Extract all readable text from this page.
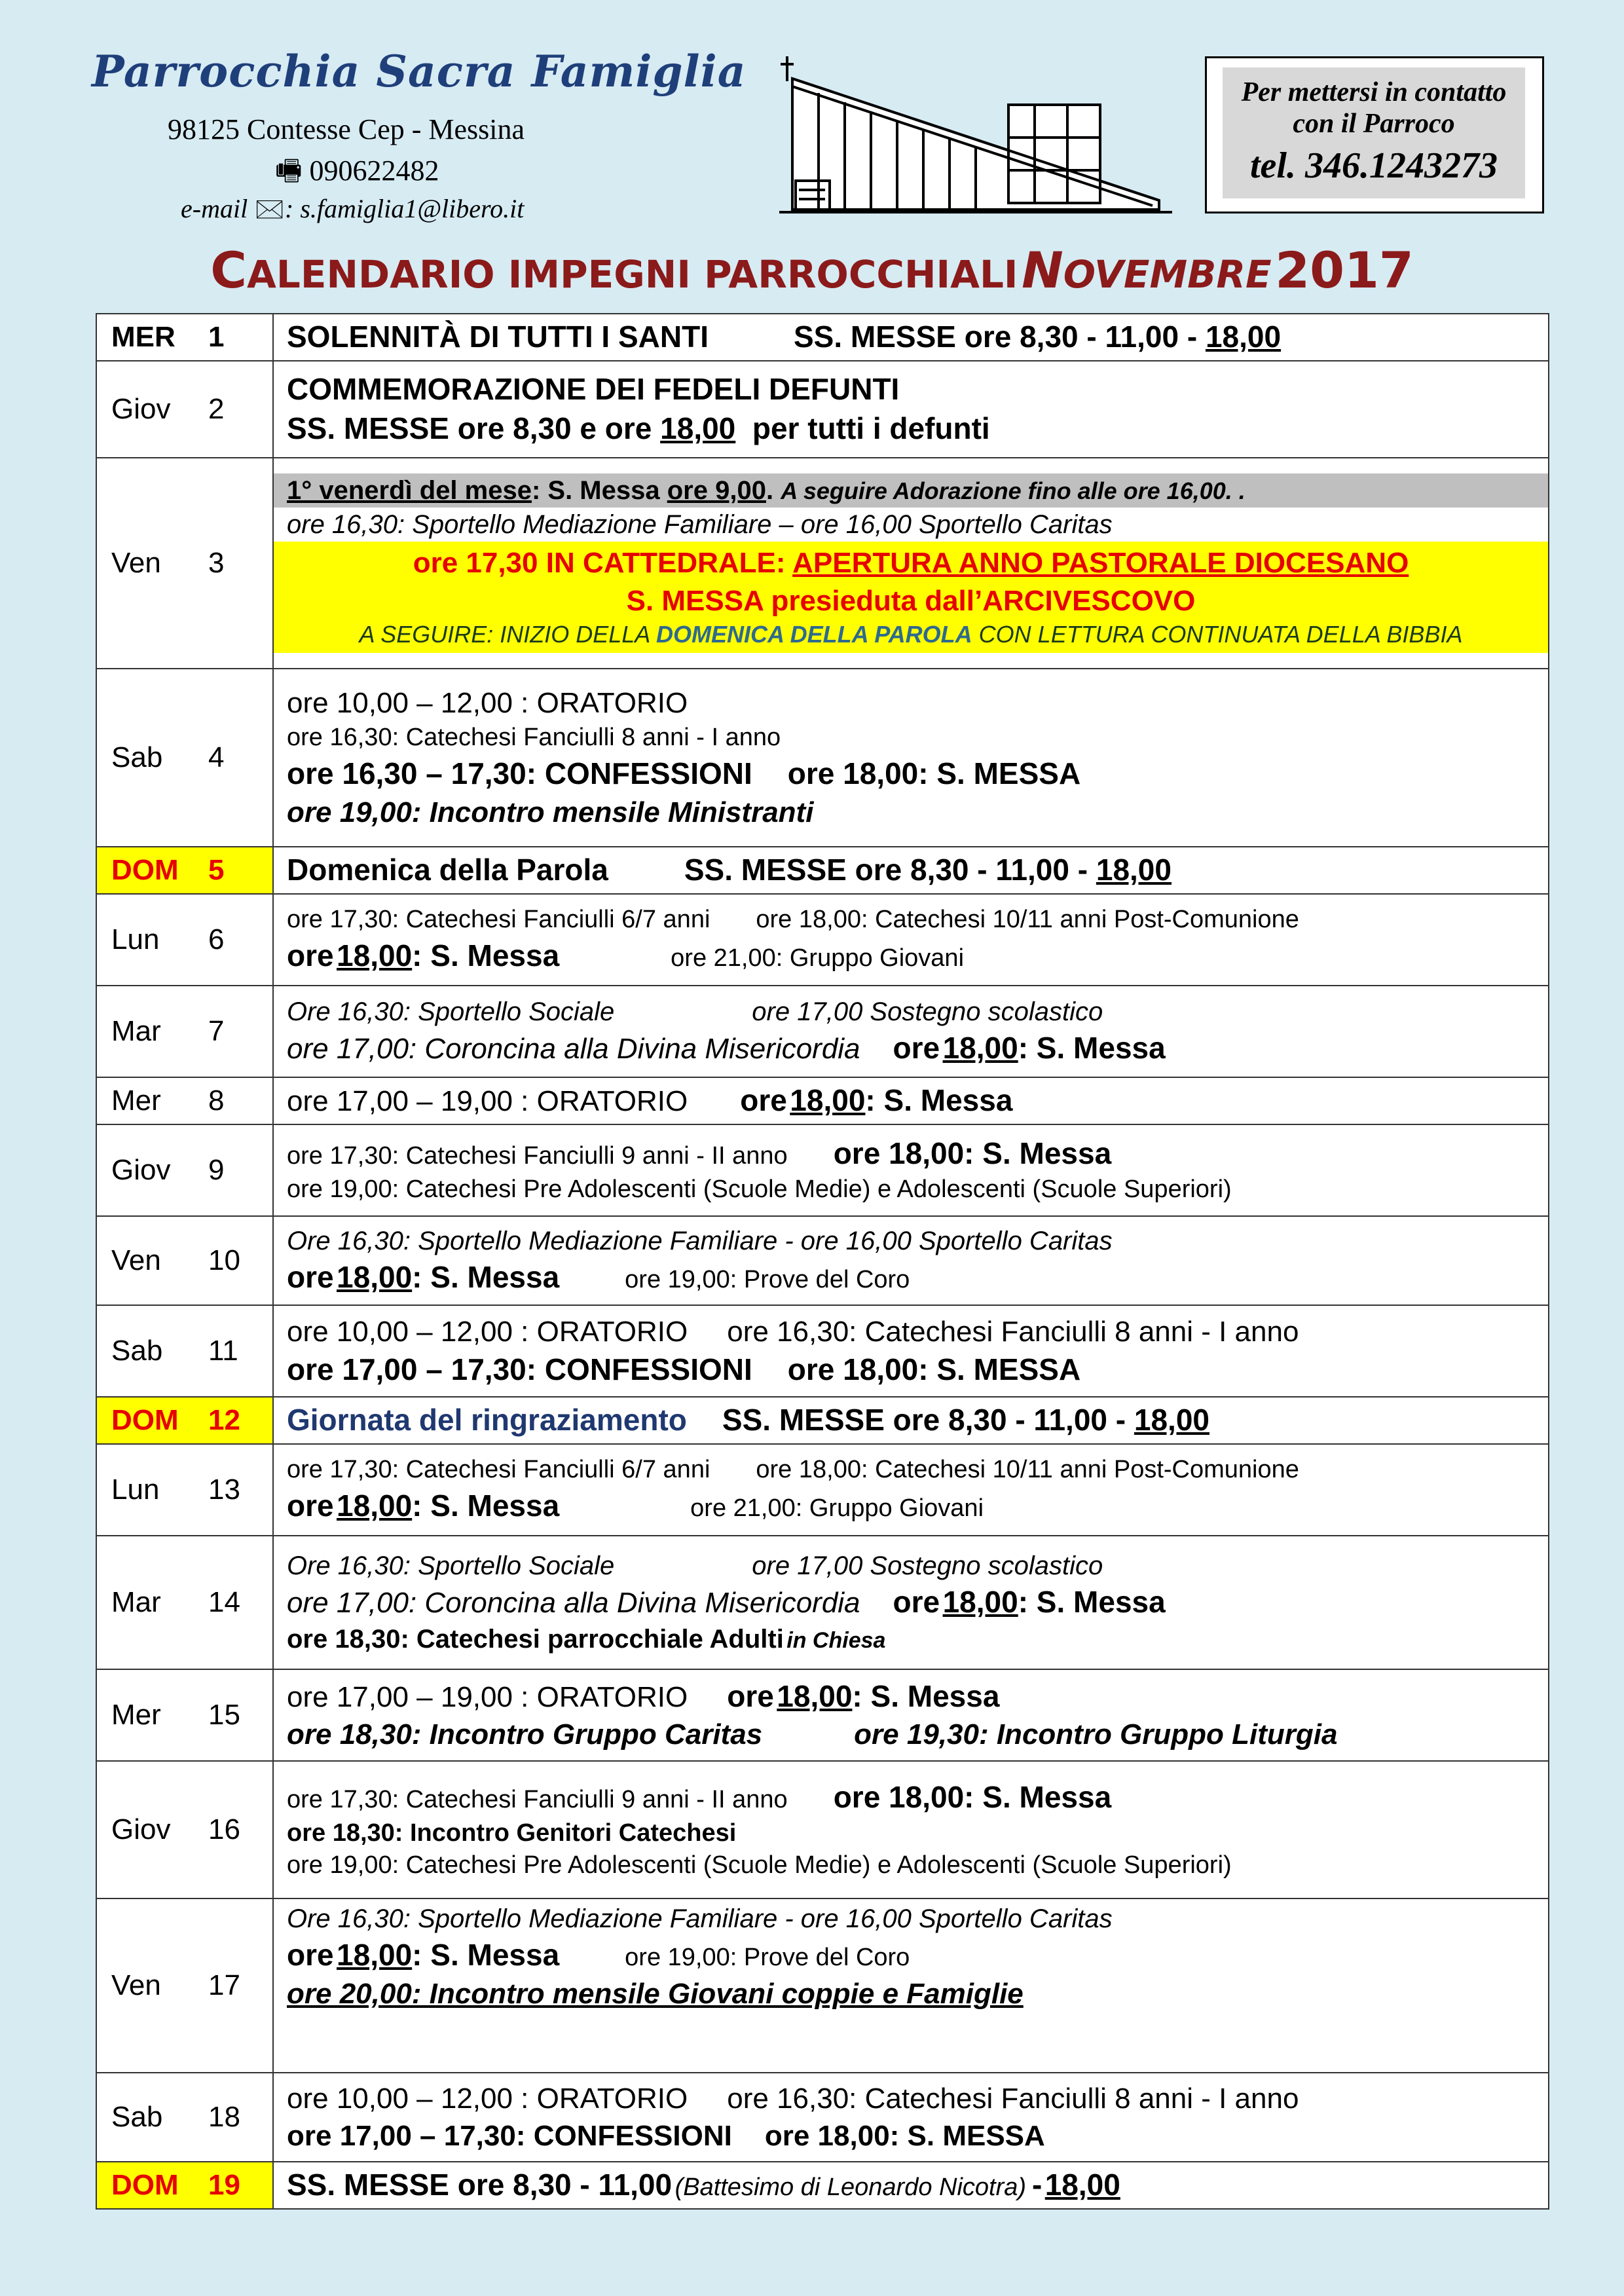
Parrocchia Sacra Famiglia
98125 Contesse Cep - Messina
🖷 090622482
e-mail 🖂: s.famiglia1@libero.it
Per mettersi in contatto
con il Parroco
tel. 346.1243273
CALENDARIO IMPEGNI PARROCCHIALI NOVEMBRE 2017
MER 1	SOLENNITÀ DI TUTTI I SANTI SS. MESSE ore 8,30 - 11,00 - 18,00

Giov 2	COMMEMORAZIONE DEI FEDELI DEFUNTI
SS. MESSE ore 8,30 e ore 18,00 per tutti i defunti

Ven 3	1° venerdì del mese: S. Messa ore 9,00. A seguire Adorazione fino alle ore 16,00. .
ore 16,30: Sportello Mediazione Familiare – ore 16,00 Sportello Caritas
ore 17,30 IN CATTEDRALE: APERTURA ANNO PASTORALE DIOCESANO
S. MESSA presieduta dall’ARCIVESCOVO
A SEGUIRE: INIZIO DELLA DOMENICA DELLA PAROLA CON LETTURA CONTINUATA DELLA BIBBIA

Sab 4	ore 10,00 – 12,00 : ORATORIO
ore 16,30: Catechesi Fanciulli 8 anni - I anno
ore 16,30 – 17,30: CONFESSIONI ore 18,00: S. MESSA
ore 19,00: Incontro mensile Ministranti

DOM 5	Domenica della Parola SS. MESSE ore 8,30 - 11,00 - 18,00

Lun 6	ore 17,30: Catechesi Fanciulli 6/7 anni ore 18,00: Catechesi 10/11 anni Post-Comunione
ore 18,00: S. Messa ore 21,00: Gruppo Giovani

Mar 7	Ore 16,30: Sportello Sociale ore 17,00 Sostegno scolastico
ore 17,00: Coroncina alla Divina Misericordia ore 18,00: S. Messa

Mer 8	ore 17,00 – 19,00 : ORATORIO ore 18,00: S. Messa

Giov 9	ore 17,30: Catechesi Fanciulli 9 anni - II anno ore 18,00: S. Messa
ore 19,00: Catechesi Pre Adolescenti (Scuole Medie) e Adolescenti (Scuole Superiori)

Ven 10	Ore 16,30: Sportello Mediazione Familiare - ore 16,00 Sportello Caritas
ore 18,00: S. Messa ore 19,00: Prove del Coro

Sab 11	ore 10,00 – 12,00 : ORATORIO ore 16,30: Catechesi Fanciulli 8 anni - I anno
ore 17,00 – 17,30: CONFESSIONI ore 18,00: S. MESSA

DOM 12	Giornata del ringraziamento SS. MESSE ore 8,30 - 11,00 - 18,00

Lun 13	ore 17,30: Catechesi Fanciulli 6/7 anni ore 18,00: Catechesi 10/11 anni Post-Comunione
ore 18,00: S. Messa ore 21,00: Gruppo Giovani

Mar 14	Ore 16,30: Sportello Sociale ore 17,00 Sostegno scolastico
ore 17,00: Coroncina alla Divina Misericordia ore 18,00: S. Messa
ore 18,30: Catechesi parrocchiale Adulti in Chiesa

Mer 15	ore 17,00 – 19,00 : ORATORIO ore 18,00: S. Messa
ore 18,30: Incontro Gruppo Caritas ore 19,30: Incontro Gruppo Liturgia

Giov 16	ore 17,30: Catechesi Fanciulli 9 anni - II anno ore 18,00: S. Messa
ore 18,30: Incontro Genitori Catechesi
ore 19,00: Catechesi Pre Adolescenti (Scuole Medie) e Adolescenti (Scuole Superiori)

Ven 17	Ore 16,30: Sportello Mediazione Familiare - ore 16,00 Sportello Caritas
ore 18,00: S. Messa ore 19,00: Prove del Coro
ore 20,00: Incontro mensile Giovani coppie e Famiglie

Sab 18	ore 10,00 – 12,00 : ORATORIO ore 16,30: Catechesi Fanciulli 8 anni - I anno
ore 17,00 – 17,30: CONFESSIONI ore 18,00: S. MESSA

DOM 19	SS. MESSE ore 8,30 - 11,00 (Battesimo di Leonardo Nicotra) - 18,00
